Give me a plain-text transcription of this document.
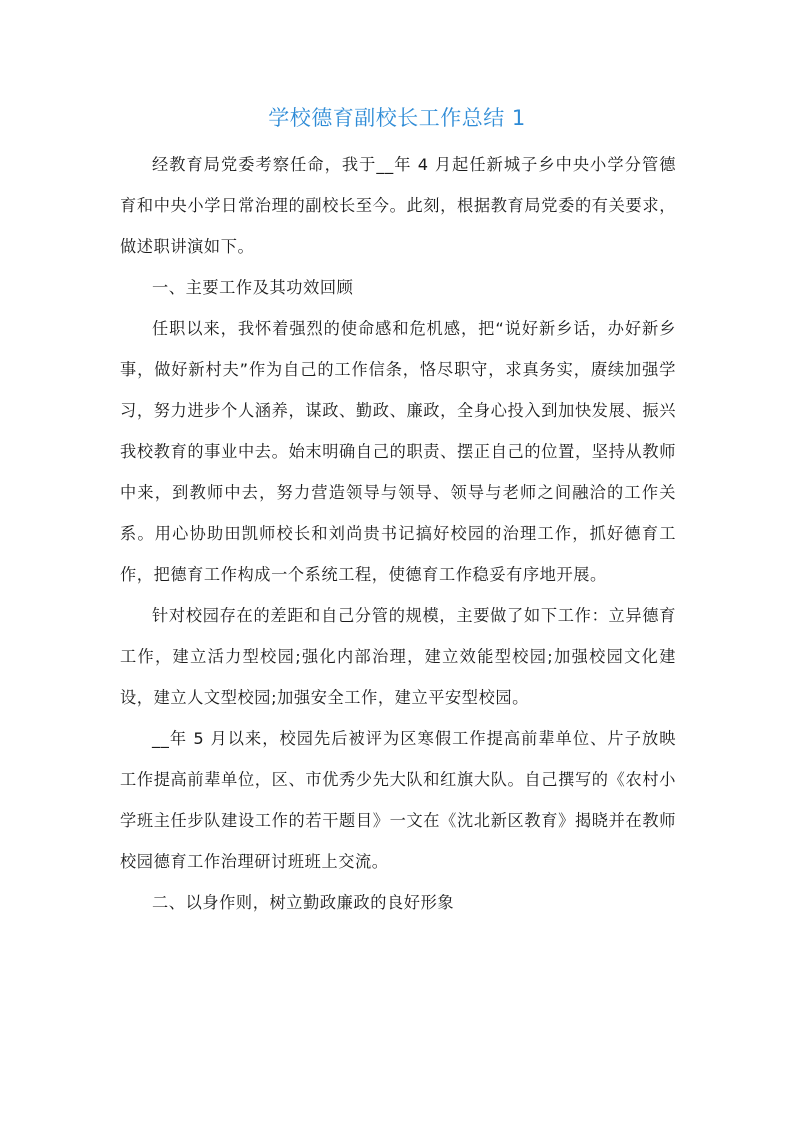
学校德育副校长工作总结 1

经教育局党委考察任命，我于__年 4 月起任新城子乡中央小学分管德育和中央小学日常治理的副校长至今。此刻，根据教育局党委的有关要求，做述职讲演如下。

一、主要工作及其功效回顾

任职以来，我怀着强烈的使命感和危机感，把“说好新乡话，办好新乡事，做好新村夫”作为自己的工作信条，恪尽职守，求真务实，赓续加强学习，努力进步个人涵养，谋政、勤政、廉政，全身心投入到加快发展、振兴我校教育的事业中去。始末明确自己的职责、摆正自己的位置，坚持从教师中来，到教师中去，努力营造领导与领导、领导与老师之间融洽的工作关系。用心协助田凯师校长和刘尚贵书记搞好校园的治理工作，抓好德育工作，把德育工作构成一个系统工程，使德育工作稳妥有序地开展。

针对校园存在的差距和自己分管的规模，主要做了如下工作：立异德育工作，建立活力型校园;强化内部治理，建立效能型校园;加强校园文化建设，建立人文型校园;加强安全工作，建立平安型校园。

__年 5 月以来，校园先后被评为区寒假工作提高前辈单位、片子放映工作提高前辈单位，区、市优秀少先大队和红旗大队。自己撰写的《农村小学班主任步队建设工作的若干题目》一文在《沈北新区教育》揭晓并在教师校园德育工作治理研讨班班上交流。

二、以身作则，树立勤政廉政的良好形象
